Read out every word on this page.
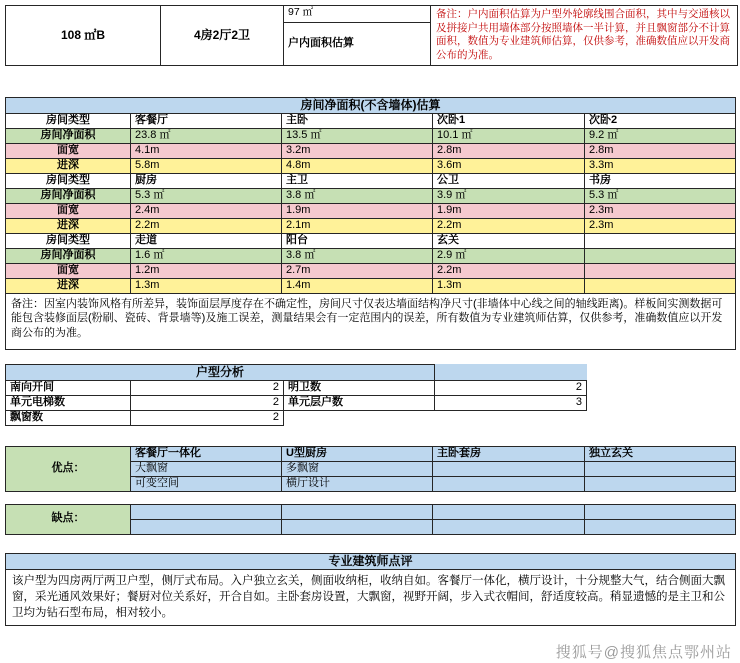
108 ㎡B	4房2厅2卫	97 ㎡	备注：户内面积估算为户型外轮廓线围合面积，其中与交通核以及拼接户共用墙体部分按照墙体一半计算，并且飘窗部分不计算面积，数值为专业建筑师估算，仅供参考，准确数值应以开发商公布的为准。
户内面积估算
房间净面积(不含墙体)估算				
房间类型	客餐厅	主卧	次卧1	次卧2
房间净面积	23.8 ㎡	13.5 ㎡	10.1 ㎡	9.2 ㎡
面宽	4.1m	3.2m	2.8m	2.8m
进深	5.8m	4.8m	3.6m	3.3m
房间类型	厨房	主卫	公卫	书房
房间净面积	5.3 ㎡	3.8 ㎡	3.9 ㎡	5.3 ㎡
面宽	2.4m	1.9m	1.9m	2.3m
进深	2.2m	2.1m	2.2m	2.3m
房间类型	走道	阳台	玄关	
房间净面积	1.6 ㎡	3.8 ㎡	2.9 ㎡	
面宽	1.2m	2.7m	2.2m	
进深	1.3m	1.4m	1.3m	
备注：因室内装饰风格有所差异，装饰面层厚度存在不确定性，房间尺寸仅表达墙面结构净尺寸(非墙体中心线之间的轴线距离)。样板间实测数据可能包含装修面层(粉刷、瓷砖、背景墙等)及施工误差，测量结果会有一定范围内的误差，所有数值为专业建筑师估算，仅供参考，准确数值应以开发商公布的为准。				
户型分析			
南向开间	2	明卫数	2
单元电梯数	2	单元层户数	3
飘窗数	2		
优点：	客餐厅一体化	U型厨房	主卧套房	独立玄关
	大飘窗	多飘窗		
	可变空间	横厅设计		
缺点：				

专业建筑师点评
该户型为四房两厅两卫户型，侧厅式布局。入户独立玄关，侧面收纳柜，收纳自如。客餐厅一体化，横厅设计，十分规整大气，结合侧面大飘窗，采光通风效果好；餐厨对位关系好，开合自如。主卧套房设置，大飘窗，视野开阔，步入式衣帽间，舒适度较高。稍显遗憾的是主卫和公卫均为钻石型布局，相对较小。
搜狐号@搜狐焦点鄂州站
